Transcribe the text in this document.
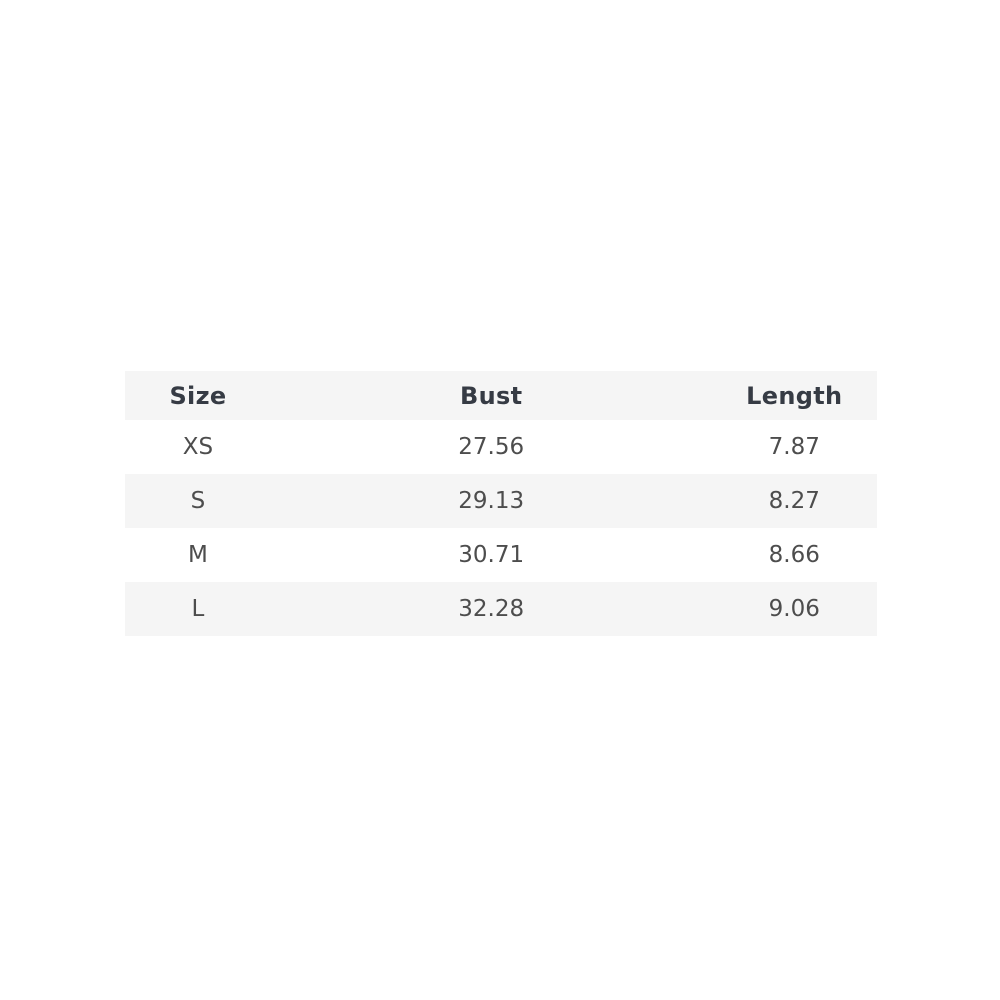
Size	Bust	Length
XS	27.56	7.87
S	29.13	8.27
M	30.71	8.66
L	32.28	9.06
